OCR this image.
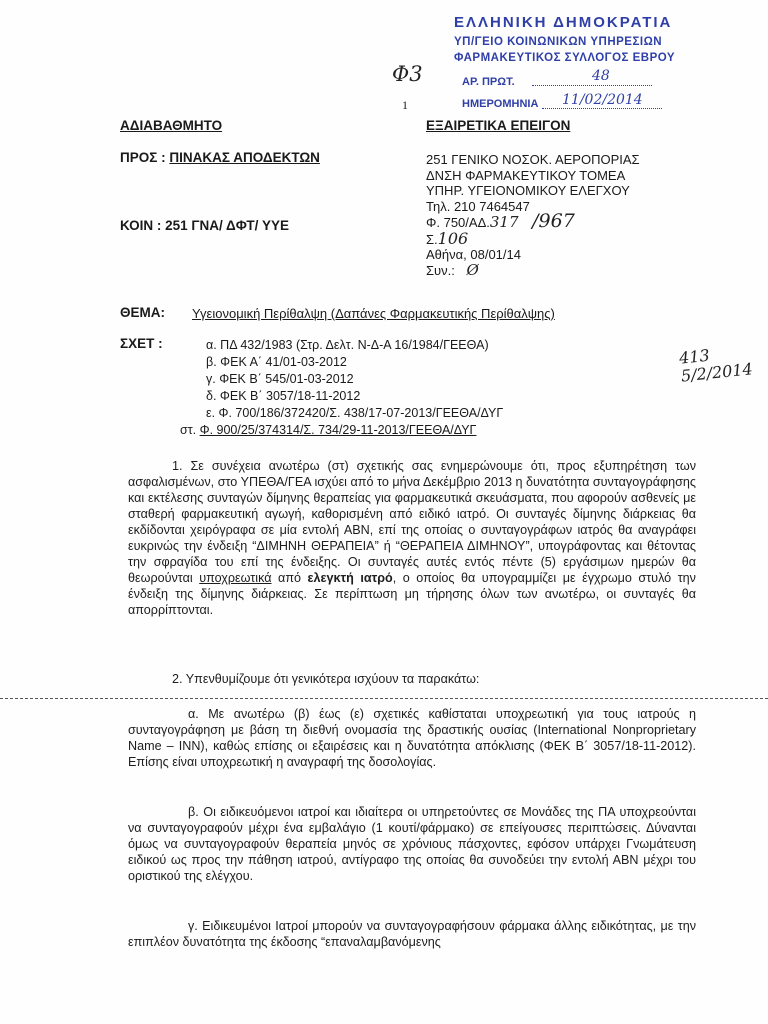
ΕΛΛΗΝΙΚΗ ΔΗΜΟΚΡΑΤΙΑ
ΥΠ/ΓΕΙΟ ΚΟΙΝΩΝΙΚΩΝ ΥΠΗΡΕΣΙΩΝ
ΦΑΡΜΑΚΕΥΤΙΚΟΣ ΣΥΛΛΟΓΟΣ ΕΒΡΟΥ
ΑΡ. ΠΡΩΤ.	48
ΗΜΕΡΟΜΗΝΙΑ 11/02/2014
Φ3
1
ΑΔΙΑΒΑΘΜΗΤΟ	ΕΞΑΙΡΕΤΙΚΑ ΕΠΕΙΓΟΝ
ΠΡΟΣ : ΠΙΝΑΚΑΣ ΑΠΟΔΕΚΤΩΝ	251 ΓΕΝΙΚΟ ΝΟΣΟΚ. ΑΕΡΟΠΟΡΙΑΣ
ΔΝΣΗ ΦΑΡΜΑΚΕΥΤΙΚΟΥ ΤΟΜΕΑ
ΥΠΗΡ. ΥΓΕΙΟΝΟΜΙΚΟΥ ΕΛΕΓΧΟΥ
Τηλ. 210 7464547
Φ. 750/ΑΔ.317 /967
Σ.106
Αθήνα, 08/01/14
Συν.: Ø
ΚΟΙΝ : 251 ΓΝΑ/ ΔΦΤ/ ΥΥΕ
ΘΕΜΑ: Υγειονομική Περίθαλψη (Δαπάνες Φαρμακευτικής Περίθαλψης)
ΣΧΕΤ :	α. ΠΔ 432/1983 (Στρ. Δελτ. Ν-Δ-Α 16/1984/ΓΕΕΘΑ)
β. ΦΕΚ Α΄ 41/01-03-2012
γ. ΦΕΚ Β΄ 545/01-03-2012
δ. ΦΕΚ Β΄ 3057/18-11-2012
ε. Φ. 700/186/372420/Σ. 438/17-07-2013/ΓΕΕΘΑ/ΔΥΓ
στ. Φ. 900/25/374314/Σ. 734/29-11-2013/ΓΕΕΘΑ/ΔΥΓ
413
5/2/2014

1. Σε συνέχεια ανωτέρω (στ) σχετικής σας ενημερώνουμε ότι, προς εξυπηρέτηση των ασφαλισμένων, στο ΥΠΕΘΑ/ΓΕΑ ισχύει από το μήνα Δεκέμβριο 2013 η δυνατότητα συνταγογράφησης και εκτέλεσης συνταγών δίμηνης θεραπείας για φαρμακευτικά σκευάσματα, που αφορούν ασθενείς με σταθερή φαρμακευτική αγωγή, καθορισμένη από ειδικό ιατρό. Οι συνταγές δίμηνης διάρκειας θα εκδίδονται χειρόγραφα σε μία εντολή ΑΒΝ, επί της οποίας ο συνταγογράφων ιατρός θα αναγράφει ευκρινώς την ένδειξη “ΔΙΜΗΝΗ ΘΕΡΑΠΕΙΑ” ή “ΘΕΡΑΠΕΙΑ ΔΙΜΗΝΟΥ”, υπογράφοντας και θέτοντας την σφραγίδα του επί της ένδειξης. Οι συνταγές αυτές εντός πέντε (5) εργάσιμων ημερών θα θεωρούνται υποχρεωτικά από ελεγκτή ιατρό, ο οποίος θα υπογραμμίζει με έγχρωμο στυλό την ένδειξη της δίμηνης διάρκειας. Σε περίπτωση μη τήρησης όλων των ανωτέρω, οι συνταγές θα απορρίπτονται.

2. Υπενθυμίζουμε ότι γενικότερα ισχύουν τα παρακάτω:

α. Με ανωτέρω (β) έως (ε) σχετικές καθίσταται υποχρεωτική για τους ιατρούς η συνταγογράφηση με βάση τη διεθνή ονομασία της δραστικής ουσίας (International Nonproprietary Name – INN), καθώς επίσης οι εξαιρέσεις και η δυνατότητα απόκλισης (ΦΕΚ Β΄ 3057/18-11-2012). Επίσης είναι υποχρεωτική η αναγραφή της δοσολογίας.

β. Οι ειδικευόμενοι ιατροί και ιδιαίτερα οι υπηρετούντες σε Μονάδες της ΠΑ υποχρεούνται να συνταγογραφούν μέχρι ένα εμβαλάγιο (1 κουτί/φάρμακο) σε επείγουσες περιπτώσεις. Δύνανται όμως να συνταγογραφούν θεραπεία μηνός σε χρόνιους πάσχοντες, εφόσον υπάρχει Γνωμάτευση ειδικού ως προς την πάθηση ιατρού, αντίγραφο της οποίας θα συνοδεύει την εντολή ΑΒΝ μέχρι του οριστικού της ελέγχου.

γ. Ειδικευμένοι Ιατροί μπορούν να συνταγογραφήσουν φάρμακα άλλης ειδικότητας, με την επιπλέον δυνατότητα της έκδοσης “επαναλαμβανόμενης
